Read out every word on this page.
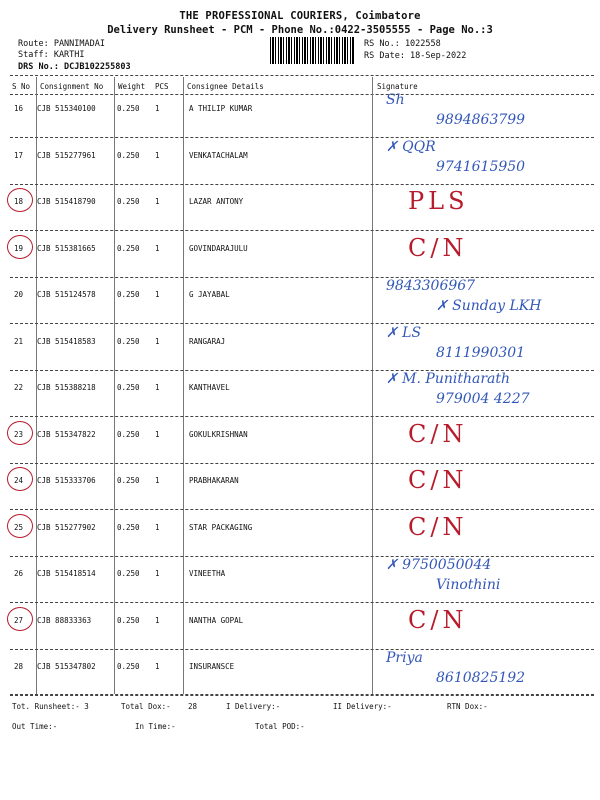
THE PROFESSIONAL COURIERS, Coimbatore
Delivery Runsheet - PCM - Phone No.:0422-3505555 - Page No.:3
Route: PANNIMADAI
Staff: KARTHI
DRS No.: DCJB102255803
RS No.: 1022558
RS Date: 18-Sep-2022
S No Consignment No Weight PCS Consignee Details	Signature
16 CJB 515340100	0.250 1	A THILIP KUMAR
Sh
9894863799
17 CJB 515277961	0.250 1	VENKATACHALAM
✗ QQR
9741615950
18 CJB 515418790	0.250 1	LAZAR ANTONY	PLS
19 CJB 515381665	0.250 1	GOVINDARAJULU	C/N
20 CJB 515124578	0.250 1	G JAYABAL
9843306967
✗ Sunday LKH
21 CJB 515418583	0.250 1	RANGARAJ
✗ LS
8111990301
22 CJB 515388218	0.250 1	KANTHAVEL
✗ M. Punitharath
979004 4227
23 CJB 515347822	0.250 1	GOKULKRISHNAN	C/N
24 CJB 515333706	0.250 1	PRABHAKARAN	C/N
25 CJB 515277902	0.250 1	STAR PACKAGING	C/N
26 CJB 515418514	0.250 1	VINEETHA
✗ 9750050044
Vinothini
27 CJB 88833363	0.250 1	NANTHA GOPAL	C/N
28 CJB 515347802	0.250 1	INSURANSCE
Priya
8610825192
Tot. Runsheet:- 3	Total Dox:- 28	I Delivery:-	II Delivery:-	RTN Dox:-
Out Time:-	In Time:-	Total POD:-
